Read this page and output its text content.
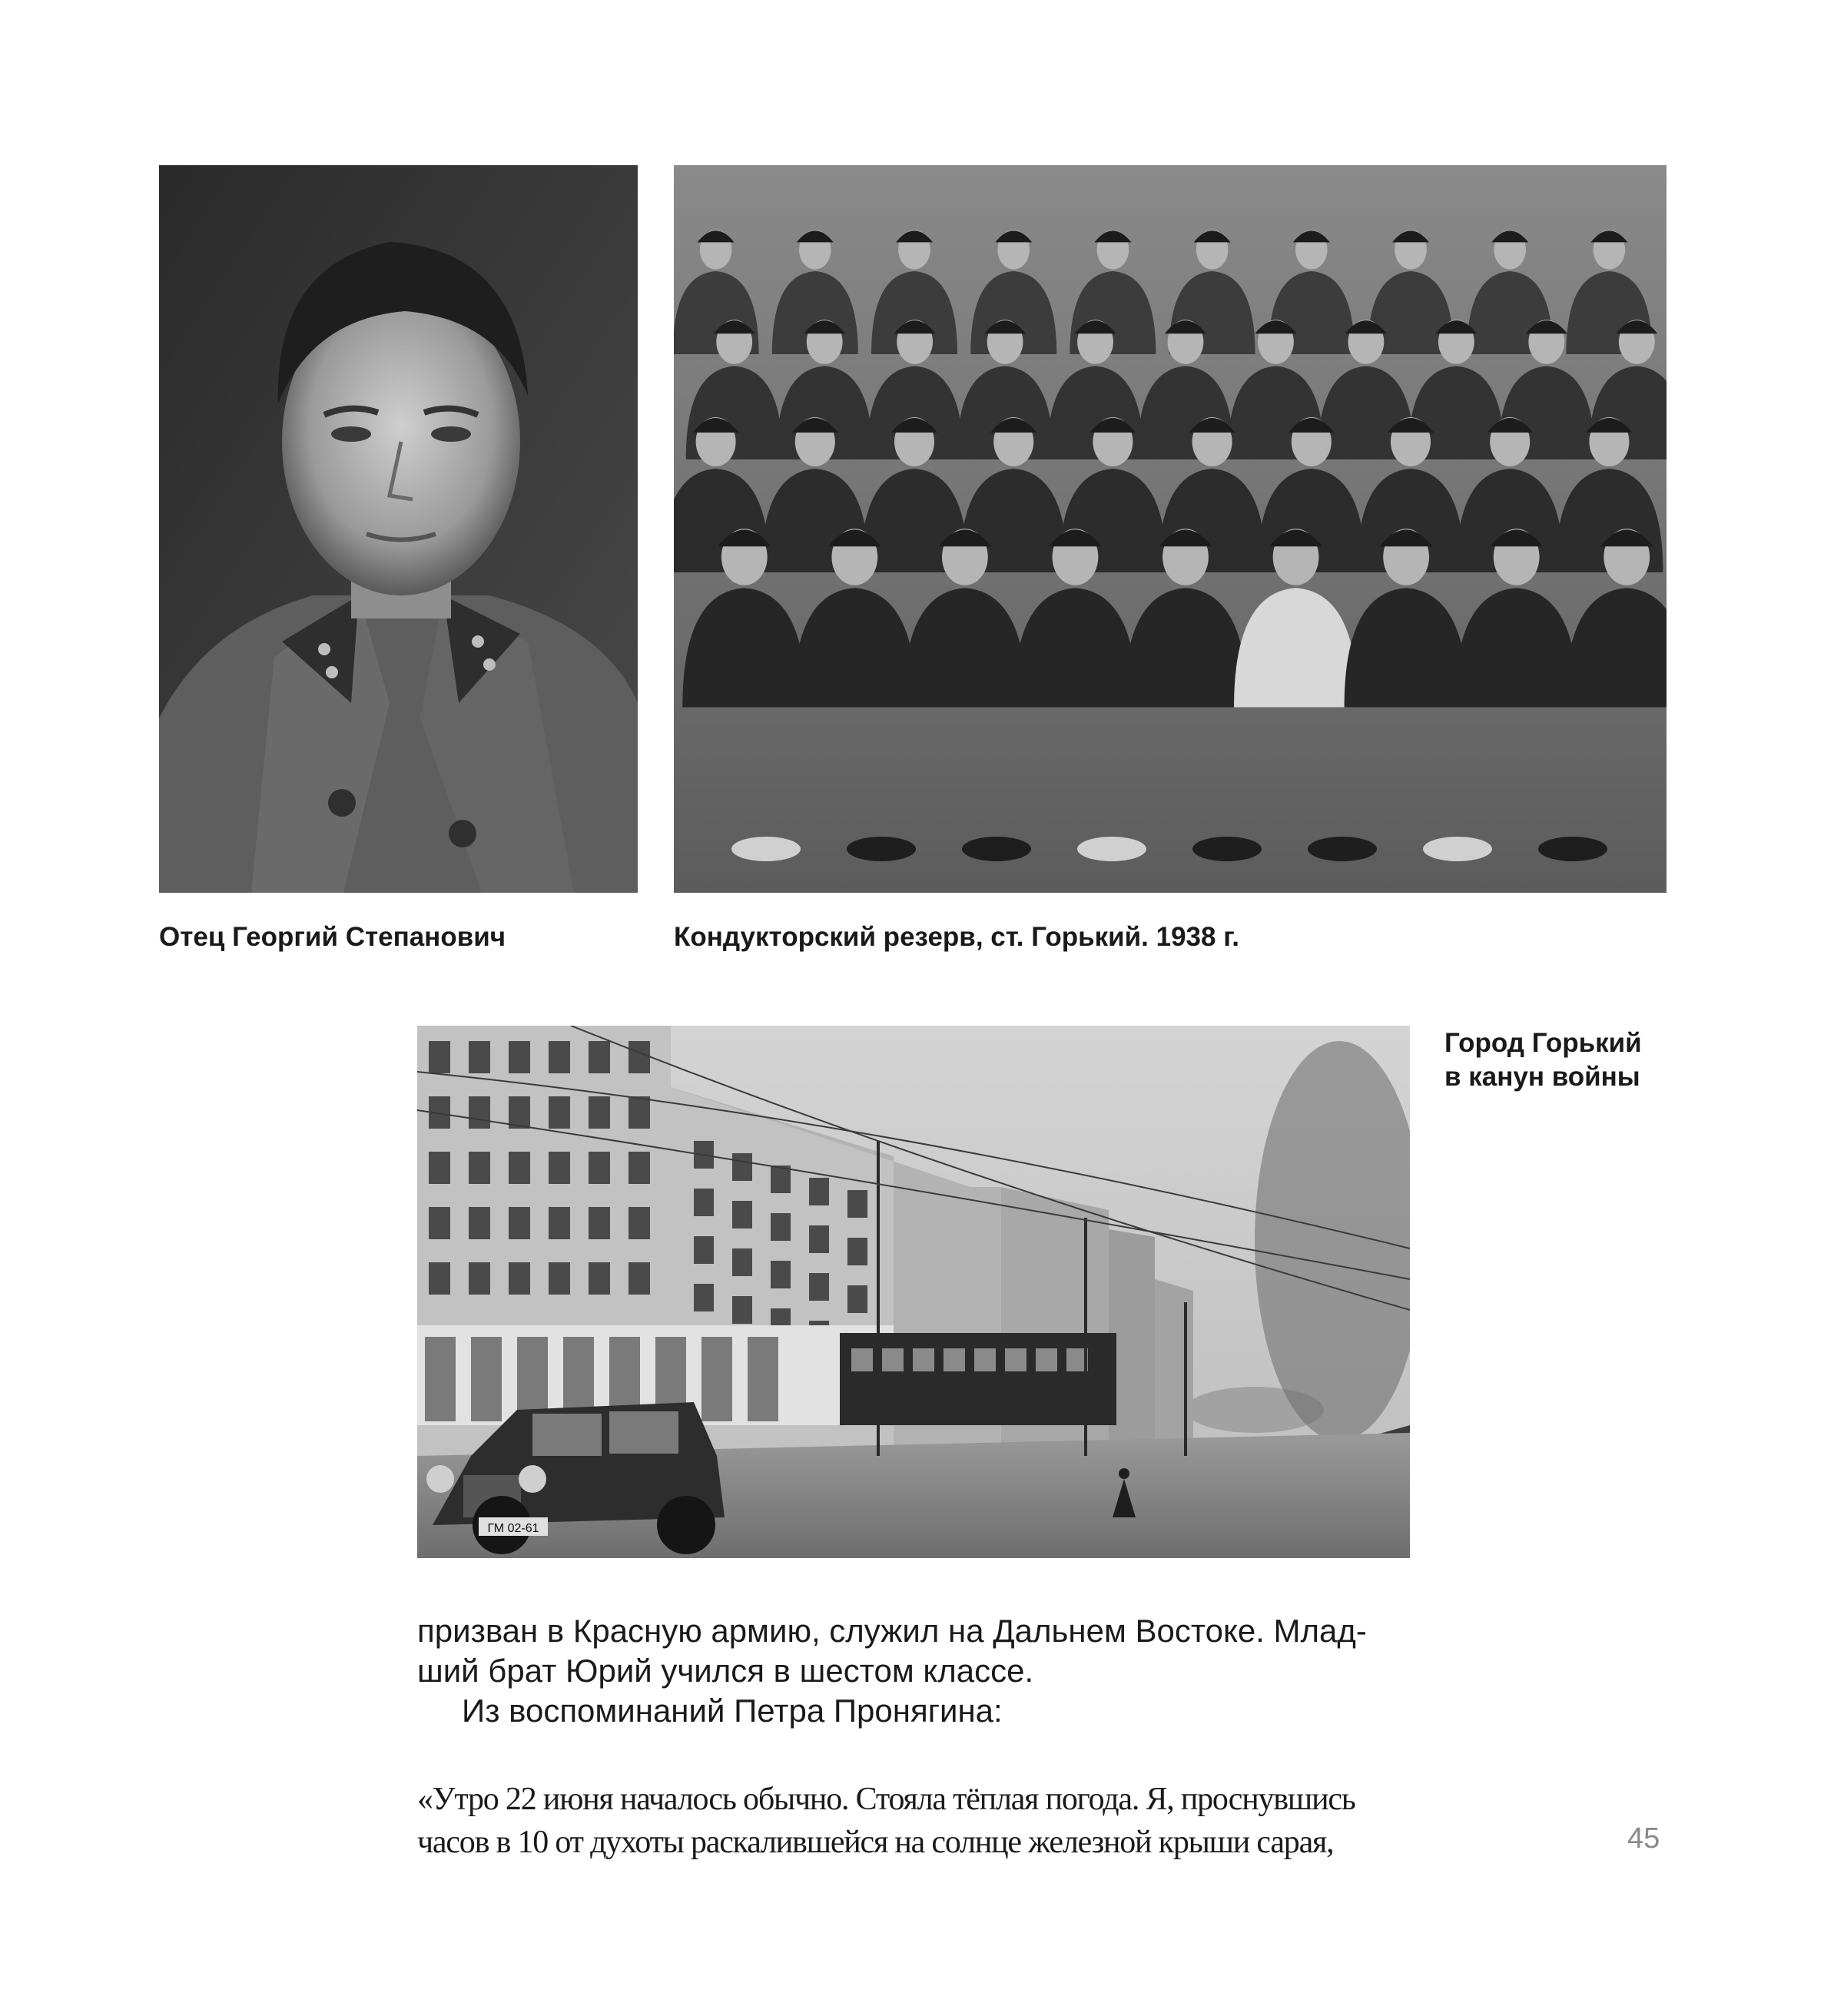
ГМ 02-61
Отец Георгий Степанович	Кондукторский резерв, ст. Горький. 1938 г.
Город Горький
в канун войны

призван в Красную армию, служил на Дальнем Востоке. Млад-

ший брат Юрий учился в шестом классе.

Из воспоминаний Петра Пронягина:

«Утро 22 июня началось обычно. Стояла тёплая погода. Я, проснувшись

часов в 10 от духоты раскалившейся на солнце железной крыши сарая,	45
